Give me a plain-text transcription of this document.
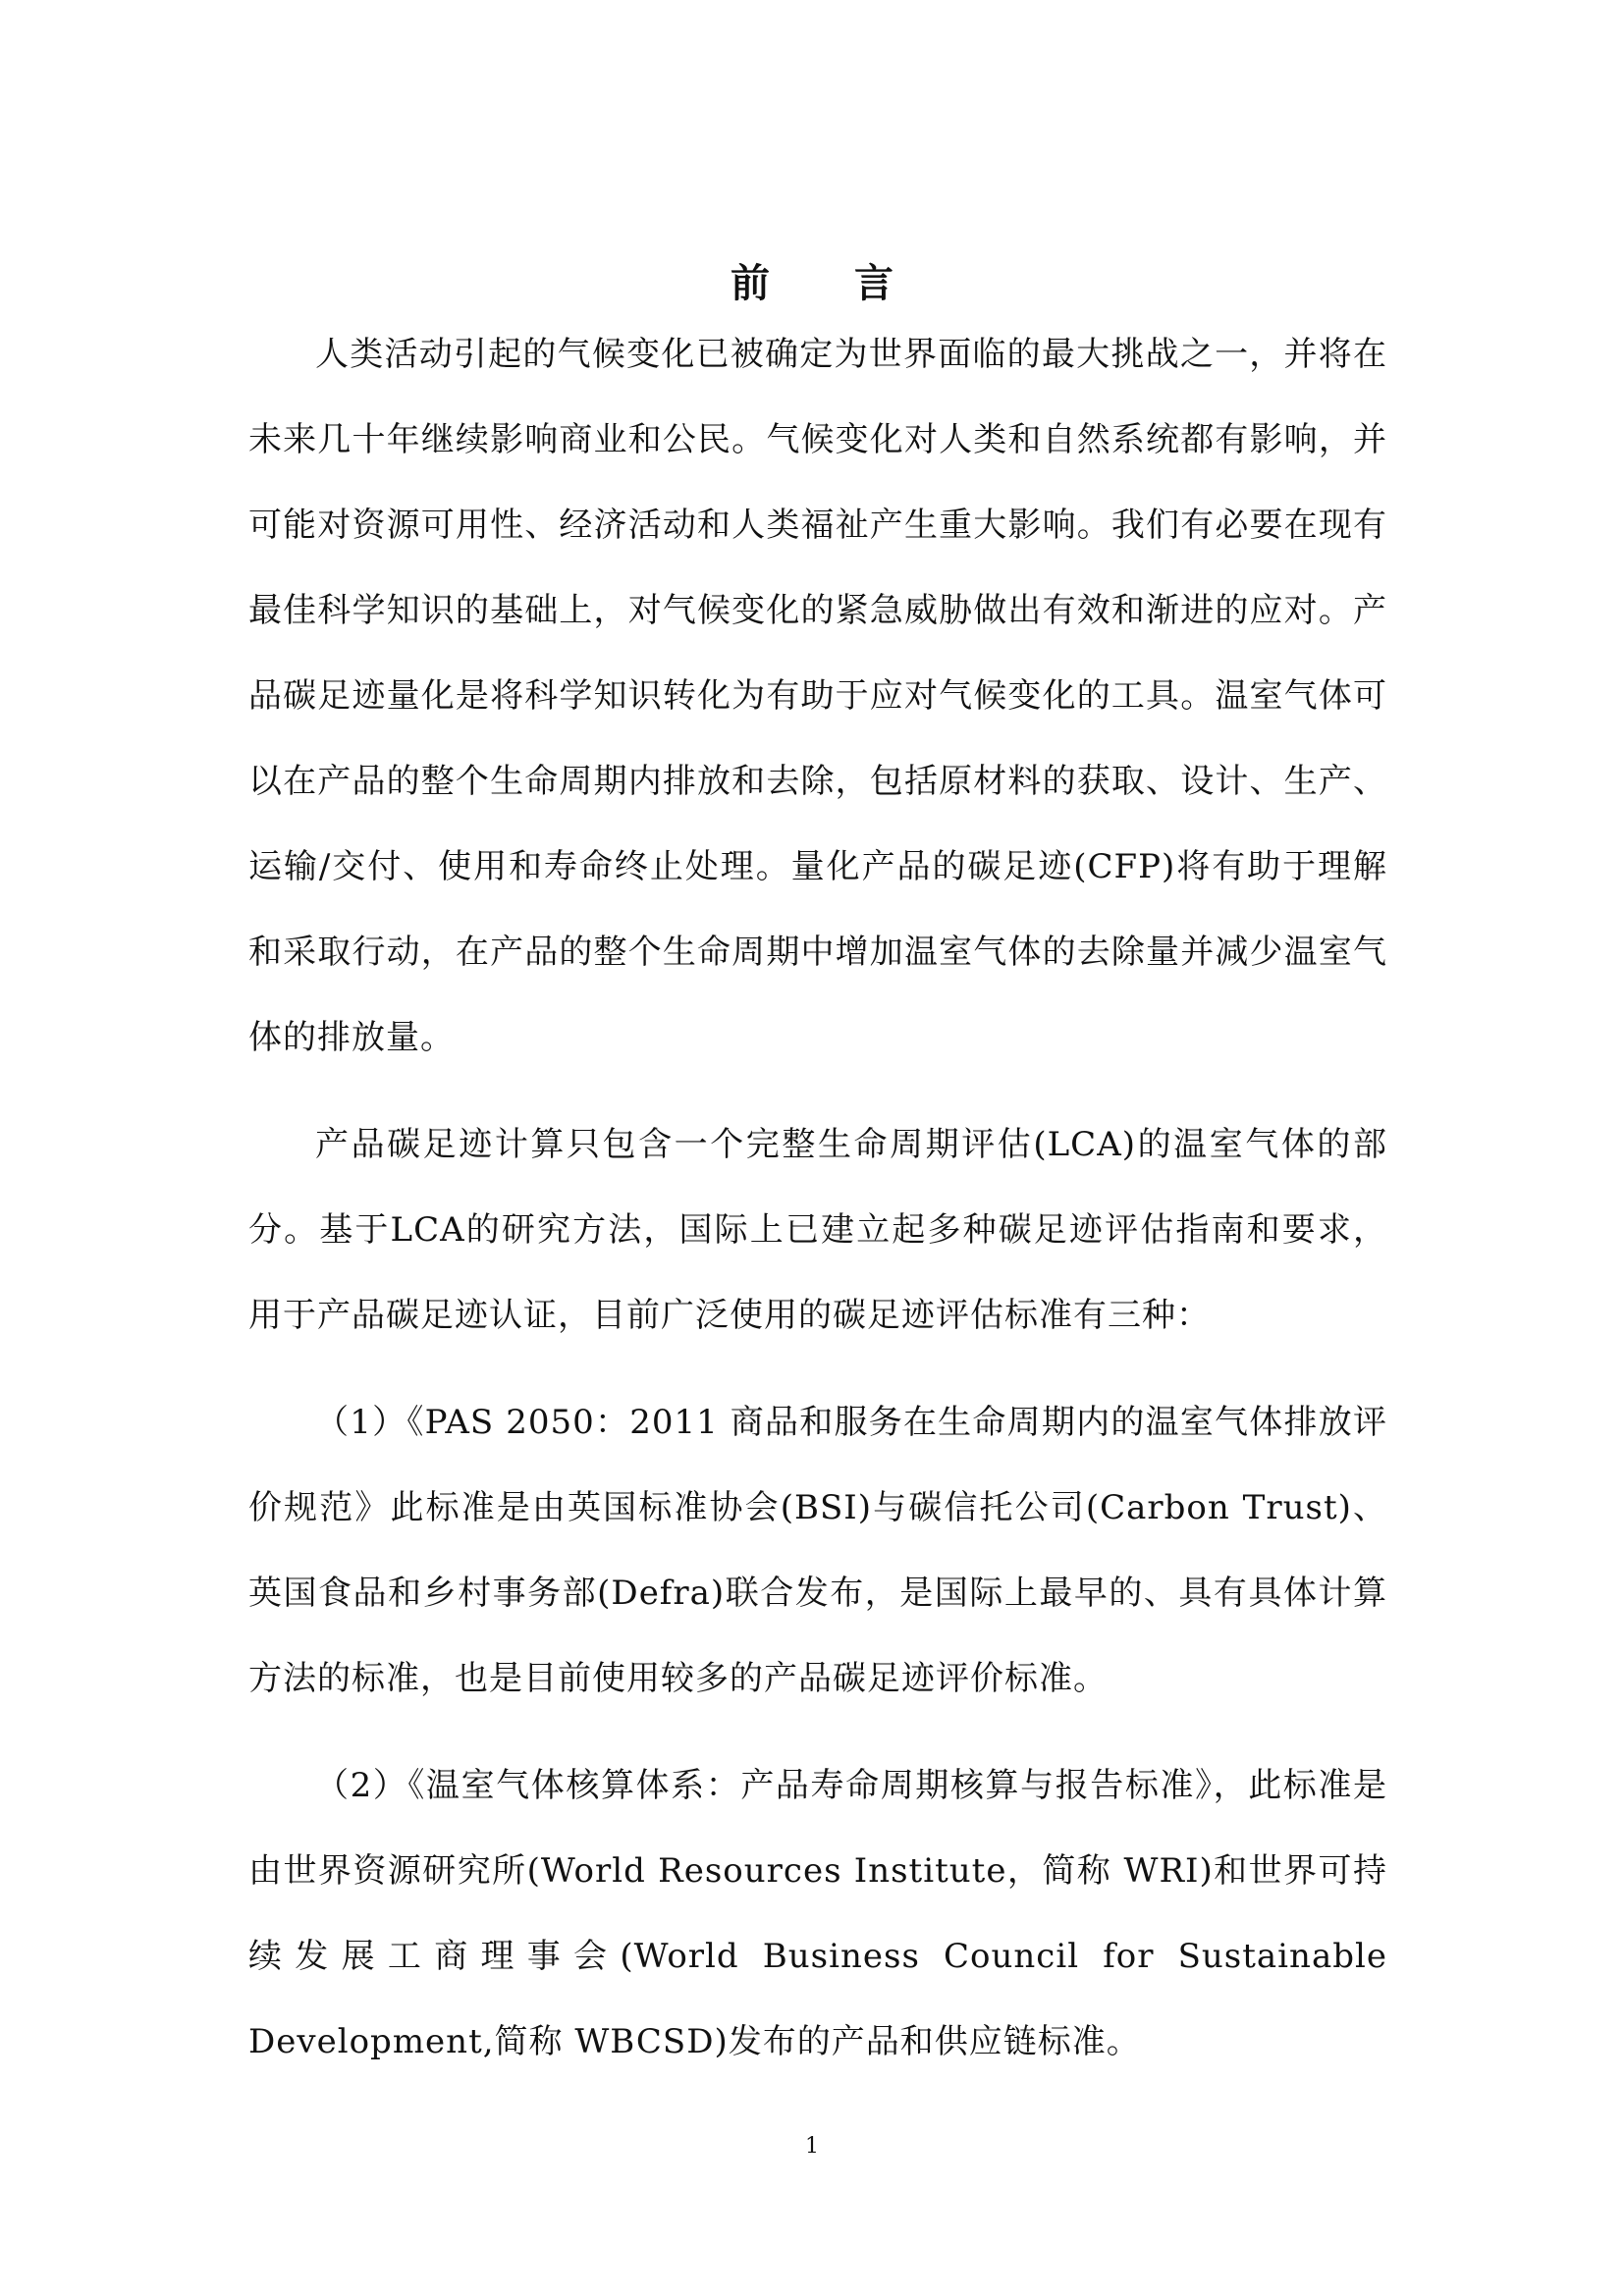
前 言

人类活动引起的气候变化已被确定为世界面临的最大挑战之一，并将在未来几十年继续影响商业和公民。气候变化对人类和自然系统都有影响，并可能对资源可用性、经济活动和人类福祉产生重大影响。我们有必要在现有最佳科学知识的基础上，对气候变化的紧急威胁做出有效和渐进的应对。产品碳足迹量化是将科学知识转化为有助于应对气候变化的工具。温室气体可以在产品的整个生命周期内排放和去除，包括原材料的获取、设计、生产、运输/交付、使用和寿命终止处理。量化产品的碳足迹(CFP)将有助于理解和采取行动，在产品的整个生命周期中增加温室气体的去除量并减少温室气体的排放量。

产品碳足迹计算只包含一个完整生命周期评估(LCA)的温室气体的部分。基于LCA的研究方法，国际上已建立起多种碳足迹评估指南和要求，用于产品碳足迹认证，目前广泛使用的碳足迹评估标准有三种：

（1）《PAS 2050：2011 商品和服务在生命周期内的温室气体排放评价规范》此标准是由英国标准协会(BSI)与碳信托公司(Carbon Trust)、英国食品和乡村事务部(Defra)联合发布，是国际上最早的、具有具体计算方法的标准，也是目前使用较多的产品碳足迹评价标准。

（2）《温室气体核算体系：产品寿命周期核算与报告标准》，此标准是由世界资源研究所(World Resources Institute，简称 WRI)和世界可持续发展工商理事会(World Business Council for Sustainable Development,简称 WBCSD)发布的产品和供应链标准。

1
